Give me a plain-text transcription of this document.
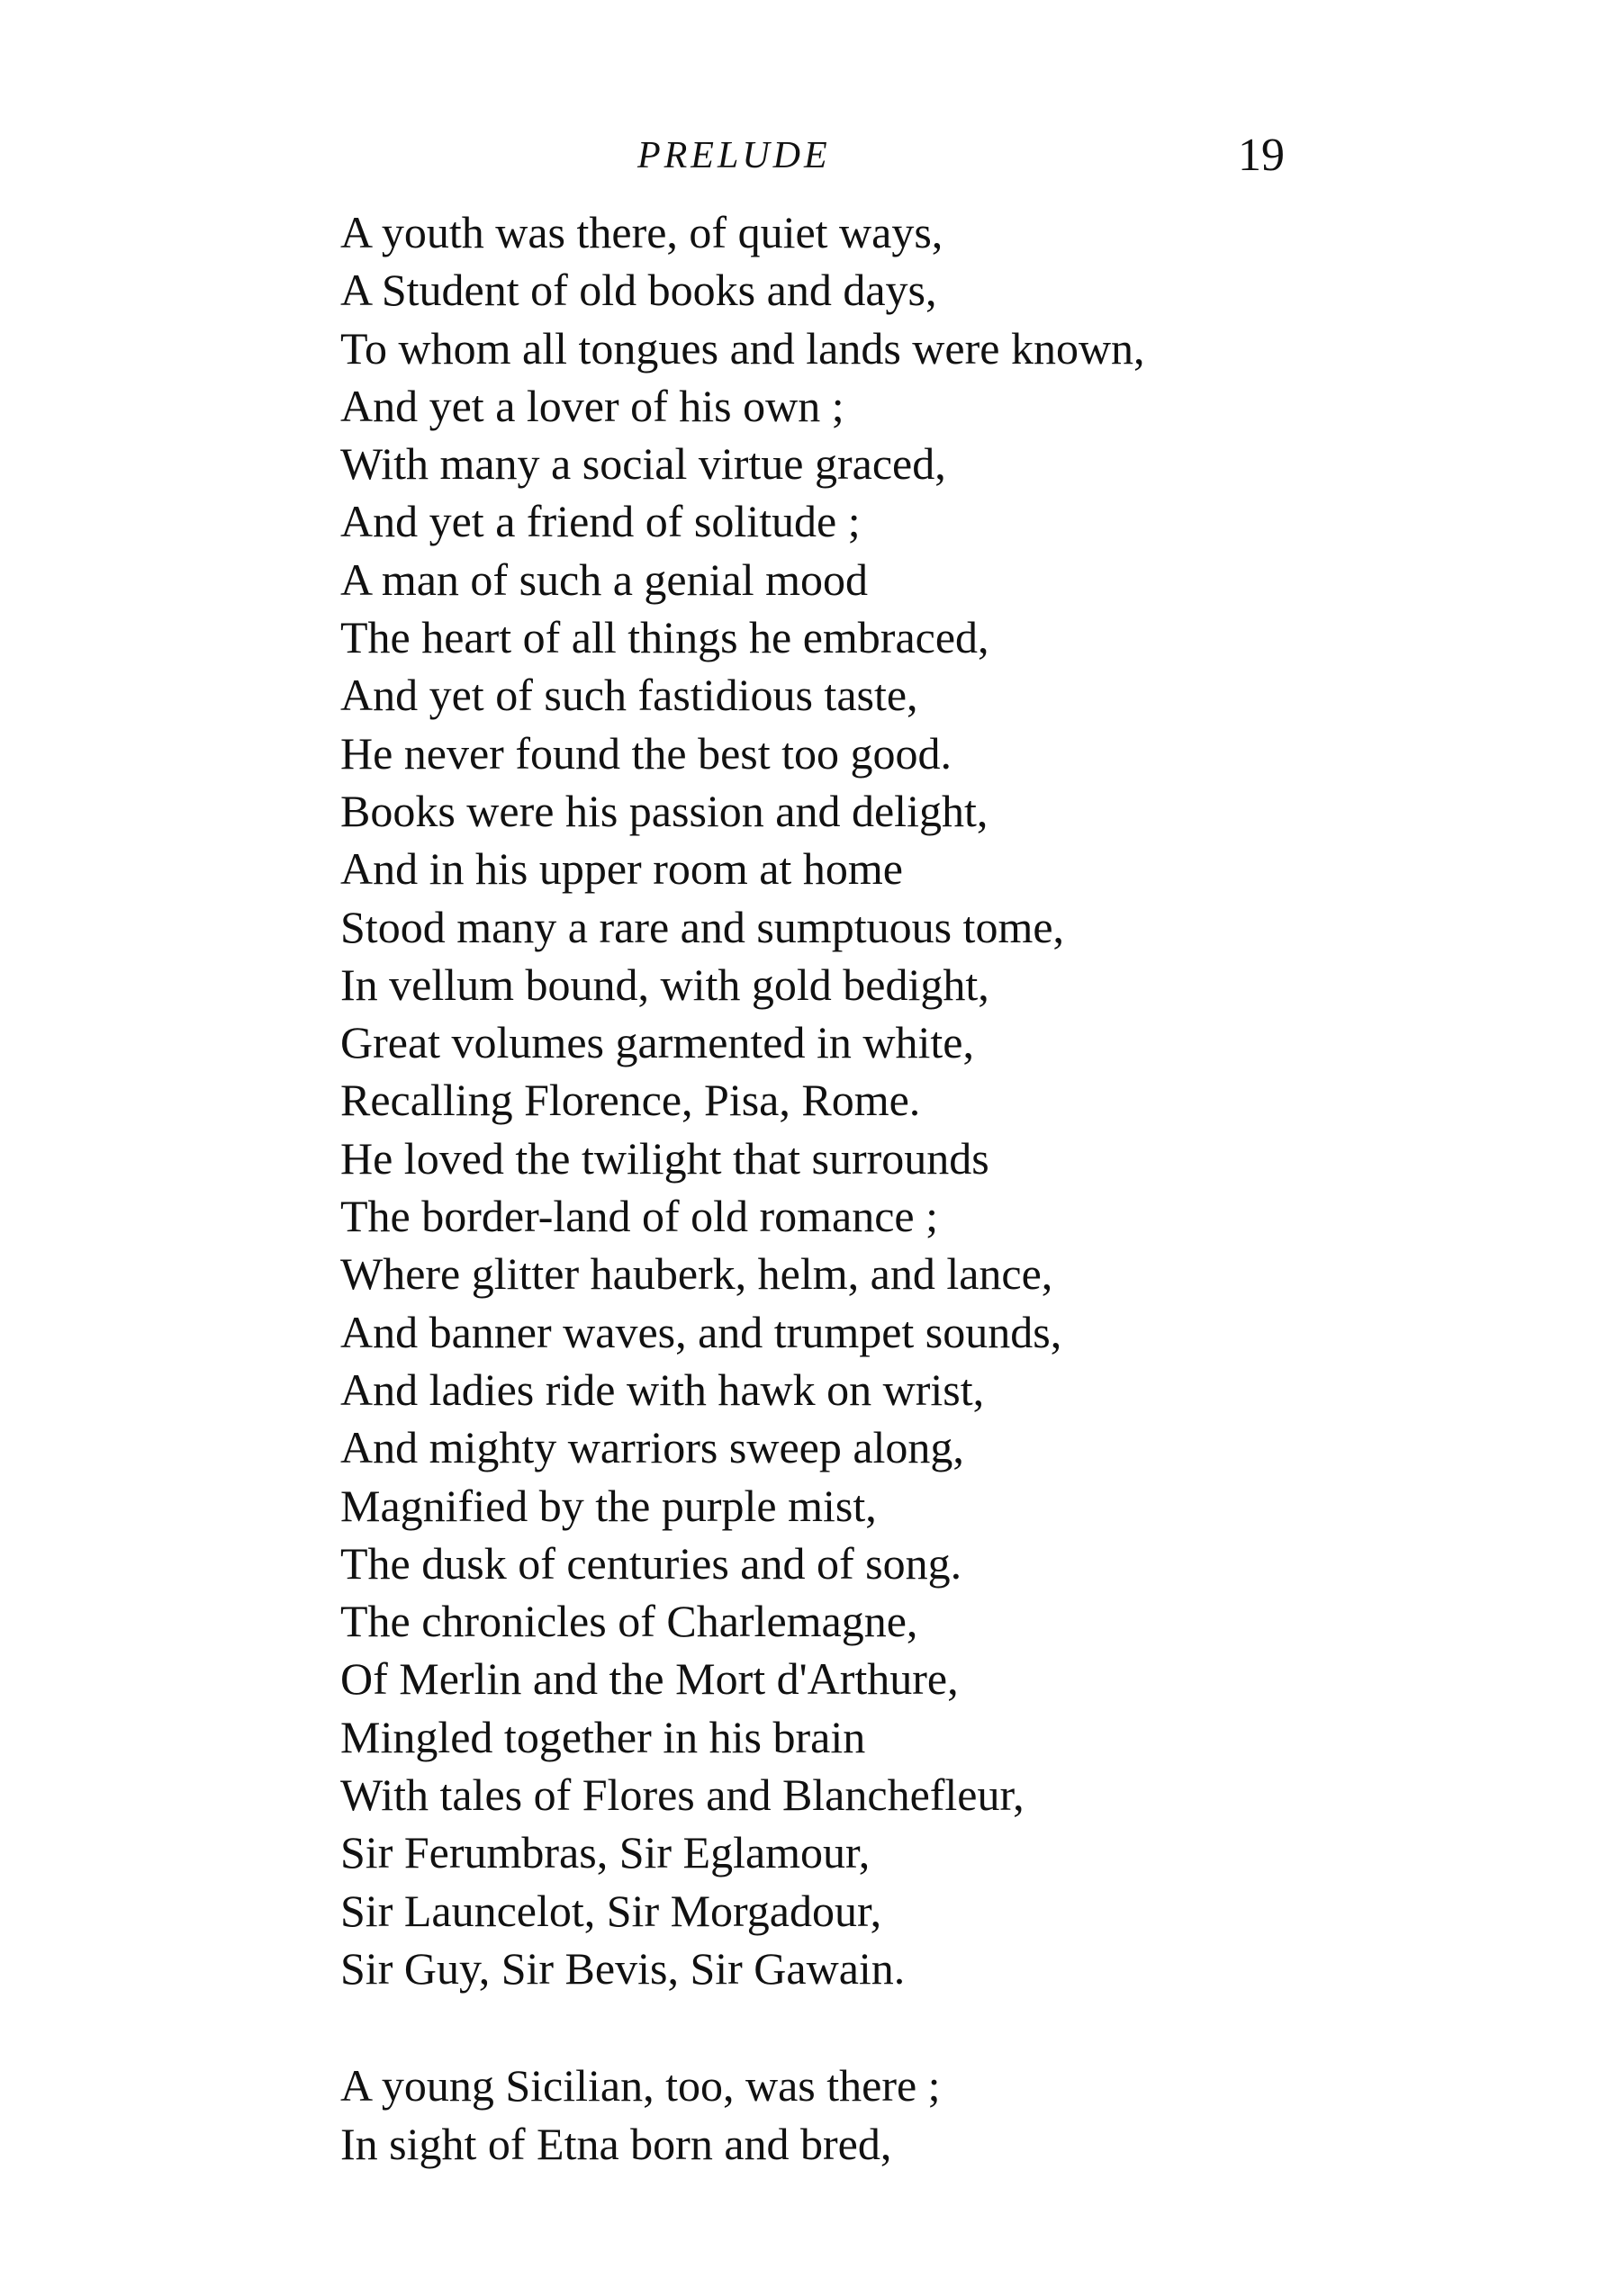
PRELUDE	19
A youth was there, of quiet ways,
A Student of old books and days,
To whom all tongues and lands were known,
And yet a lover of his own ;
With many a social virtue graced,
And yet a friend of solitude ;
A man of such a genial mood
The heart of all things he embraced,
And yet of such fastidious taste,
He never found the best too good.
Books were his passion and delight,
And in his upper room at home
Stood many a rare and sumptuous tome,
In vellum bound, with gold bedight,
Great volumes garmented in white,
Recalling Florence, Pisa, Rome.
He loved the twilight that surrounds
The border-land of old romance ;
Where glitter hauberk, helm, and lance,
And banner waves, and trumpet sounds,
And ladies ride with hawk on wrist,
And mighty warriors sweep along,
Magnified by the purple mist,
The dusk of centuries and of song.
The chronicles of Charlemagne,
Of Merlin and the Mort d'Arthure,
Mingled together in his brain
With tales of Flores and Blanchefleur,
Sir Ferumbras, Sir Eglamour,
Sir Launcelot, Sir Morgadour,
Sir Guy, Sir Bevis, Sir Gawain.
A young Sicilian, too, was there ;
In sight of Etna born and bred,
